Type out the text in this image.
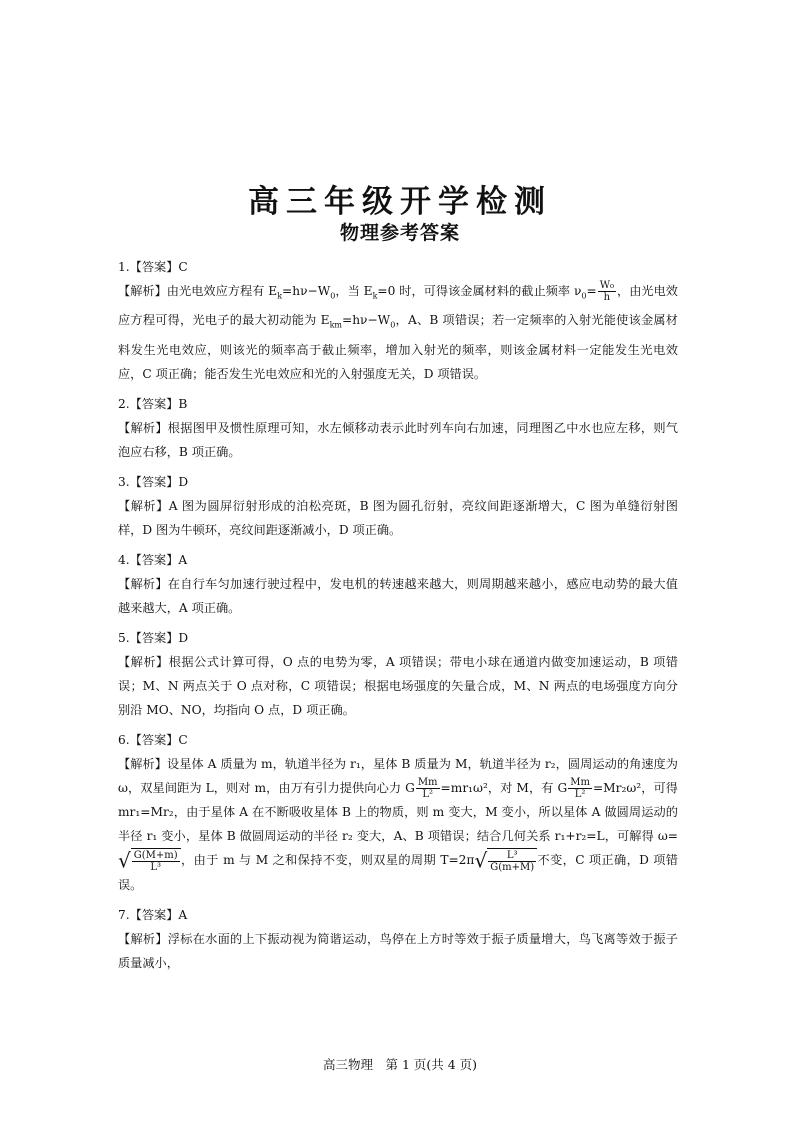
高三年级开学检测
物理参考答案

1.【答案】C

【解析】由光电效应方程有 $E_k=h\nu-W_0$，当 $E_k=0$ 时，可得该金属材料的截止频率 $\nu_0= \frac{\text{W₀}}{h}$ ，由光电效应方程可得，光电子的最大初动能为 $E_{km}=h\nu-W_0$，A、B 项错误；若一定频率的入射光能使该金属材料发生光电效应，则该光的频率高于截止频率，增加入射光的频率，则该金属材料一定能发生光电效应，C 项正确；能否发生光电效应和光的入射强度无关，D 项错误。

2.【答案】B

【解析】根据图甲及惯性原理可知，水左倾移动表示此时列车向右加速，同理图乙中水也应左移，则气泡应右移，B 项正确。

3.【答案】D

【解析】A 图为圆屏衍射形成的泊松亮斑，B 图为圆孔衍射，亮纹间距逐渐增大，C 图为单缝衍射图样，D 图为牛顿环，亮纹间距逐渐减小，D 项正确。

4.【答案】A

【解析】在自行车匀加速行驶过程中，发电机的转速越来越大，则周期越来越小，感应电动势的最大值越来越大，A 项正确。

5.【答案】D

【解析】根据公式计算可得，O 点的电势为零，A 项错误；带电小球在通道内做变加速运动，B 项错误；M、N 两点关于 O 点对称，C 项错误；根据电场强度的矢量合成，M、N 两点的电场强度方向分别沿 MO、NO，均指向 O 点，D 项正确。

6.【答案】C

【解析】设星体 A 质量为 m，轨道半径为 r₁，星体 B 质量为 M，轨道半径为 r₂，圆周运动的角速度为 ω，双星间距为 L，则对 m，由万有引力提供向心力 G $\frac{Mm}{\text{L²}} =mr_1\omega^2$，对 M，有 G $\frac{Mm}{\text{L²}} =Mr_2\omega^2$，可得 mr₁=Mr₂，由于星体 A 在不断吸收星体 B 上的物质，则 m 变大，M 变小，所以星体 A 做圆周运动的半径 r₁ 变小，星体 B 做圆周运动的半径 r₂ 变大，A、B 项错误；结合几何关系 r₁+r₂=L，可解得 $\omega=√ \frac{G(M+m)}{\text{L³}}$ ，由于 m 与 M 之和保持不变，则双星的周期 $T=2\pi√ \frac{\text{L³}}{G(m+M)}$ 不变，C 项正确，D 项错误。

7.【答案】A

【解析】浮标在水面的上下振动视为简谐运动，鸟停在上方时等效于振子质量增大，鸟飞离等效于振子质量减小，

高三物理　第 1 页(共 4 页)
